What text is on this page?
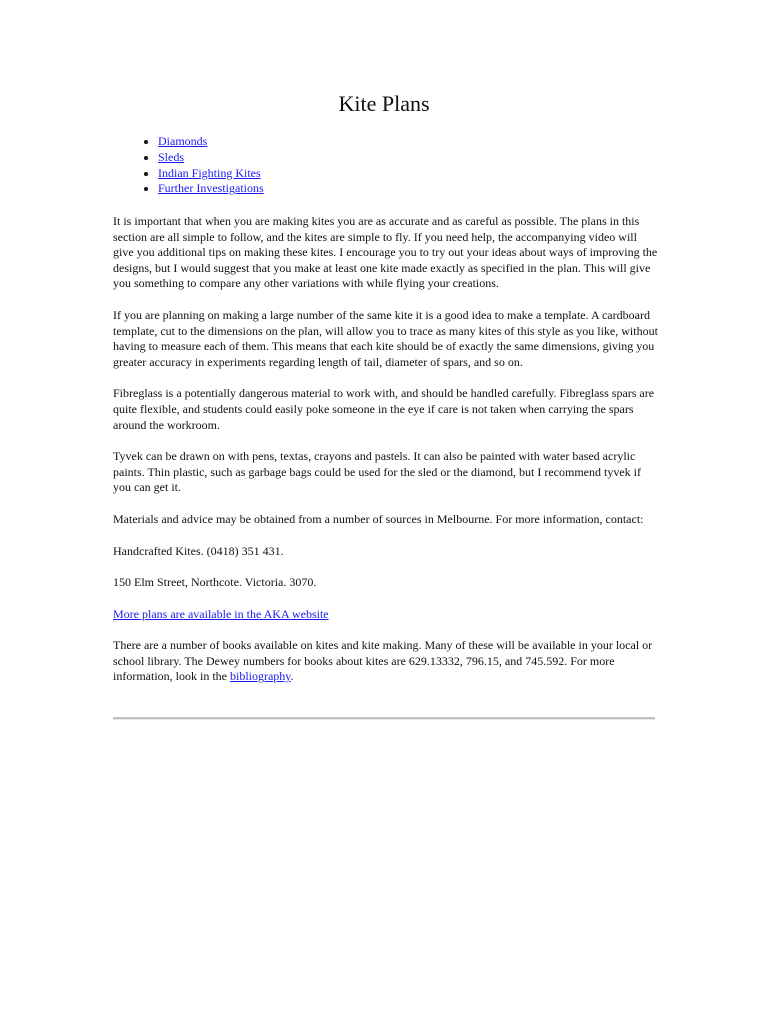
Kite Plans
• Diamonds
• Sleds
• Indian Fighting Kites
• Further Investigations

It is important that when you are making kites you are as accurate and as careful as possible. The plans in this section are all simple to follow, and the kites are simple to fly. If you need help, the accompanying video will give you additional tips on making these kites. I encourage you to try out your ideas about ways of improving the designs, but I would suggest that you make at least one kite made exactly as specified in the plan. This will give you something to compare any other variations with while flying your creations.

If you are planning on making a large number of the same kite it is a good idea to make a template. A cardboard template, cut to the dimensions on the plan, will allow you to trace as many kites of this style as you like, without having to measure each of them. This means that each kite should be of exactly the same dimensions, giving you greater accuracy in experiments regarding length of tail, diameter of spars, and so on.

Fibreglass is a potentially dangerous material to work with, and should be handled carefully. Fibreglass spars are quite flexible, and students could easily poke someone in the eye if care is not taken when carrying the spars around the workroom.

Tyvek can be drawn on with pens, textas, crayons and pastels. It can also be painted with water based acrylic paints. Thin plastic, such as garbage bags could be used for the sled or the diamond, but I recommend tyvek if you can get it.

Materials and advice may be obtained from a number of sources in Melbourne. For more information, contact:

Handcrafted Kites. (0418) 351 431.

150 Elm Street, Northcote. Victoria. 3070.

More plans are available in the AKA website

There are a number of books available on kites and kite making. Many of these will be available in your local or school library. The Dewey numbers for books about kites are 629.13332, 796.15, and 745.592. For more information, look in the bibliography.
